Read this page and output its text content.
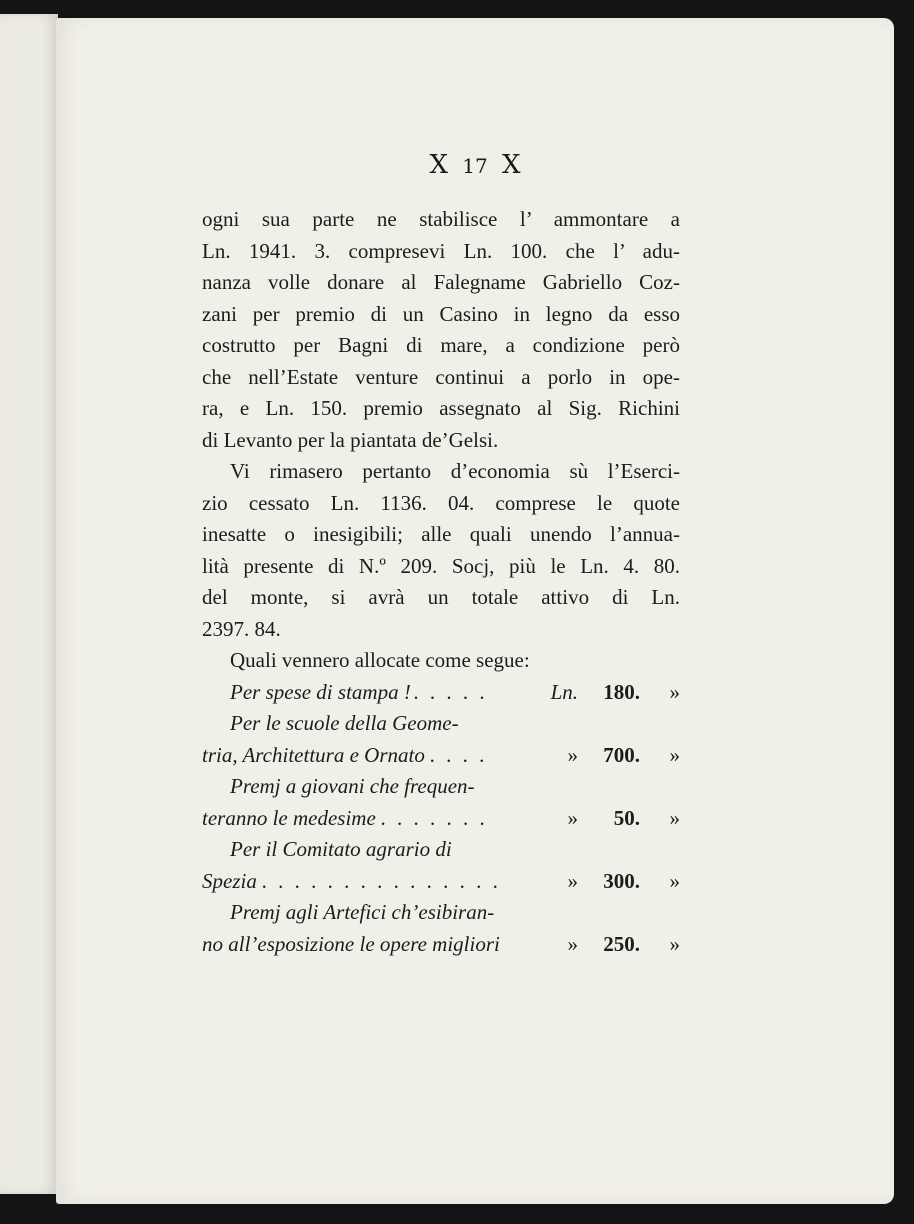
X 17 X
ogni sua parte ne stabilisce l’ ammontare a
Ln. 1941. 3. compresevi Ln. 100. che l’ adu-
nanza volle donare al Falegname Gabriello Coz-
zani per premio di un Casino in legno da esso
costrutto per Bagni di mare, a condizione però
che nell’Estate venture continui a porlo in ope-
ra, e Ln. 150. premio assegnato al Sig. Richini
di Levanto per la piantata de’Gelsi.
Vi rimasero pertanto d’economia sù l’Eserci-
zio cessato Ln. 1136. 04. comprese le quote
inesatte o inesigibili; alle quali unendo l’annua-
lità presente di N.º 209. Socj, più le Ln. 4. 80.
del monte, si avrà un totale attivo di Ln.
2397. 84.
Quali vennero allocate come segue:
Per spese di stampa !. . . . .	Ln.	180.	»
Per le scuole della Geome-
tria, Architettura e Ornato . . . .	»	700.	»
Premj a giovani che frequen-
teranno le medesime . . . . . . .	»	50.	»
Per il Comitato agrario di
Spezia . . . . . . . . . . . . . . .	»	300.	»
Premj agli Artefici ch’esibiran-
no all’esposizione le opere migliori	»	250.	»
